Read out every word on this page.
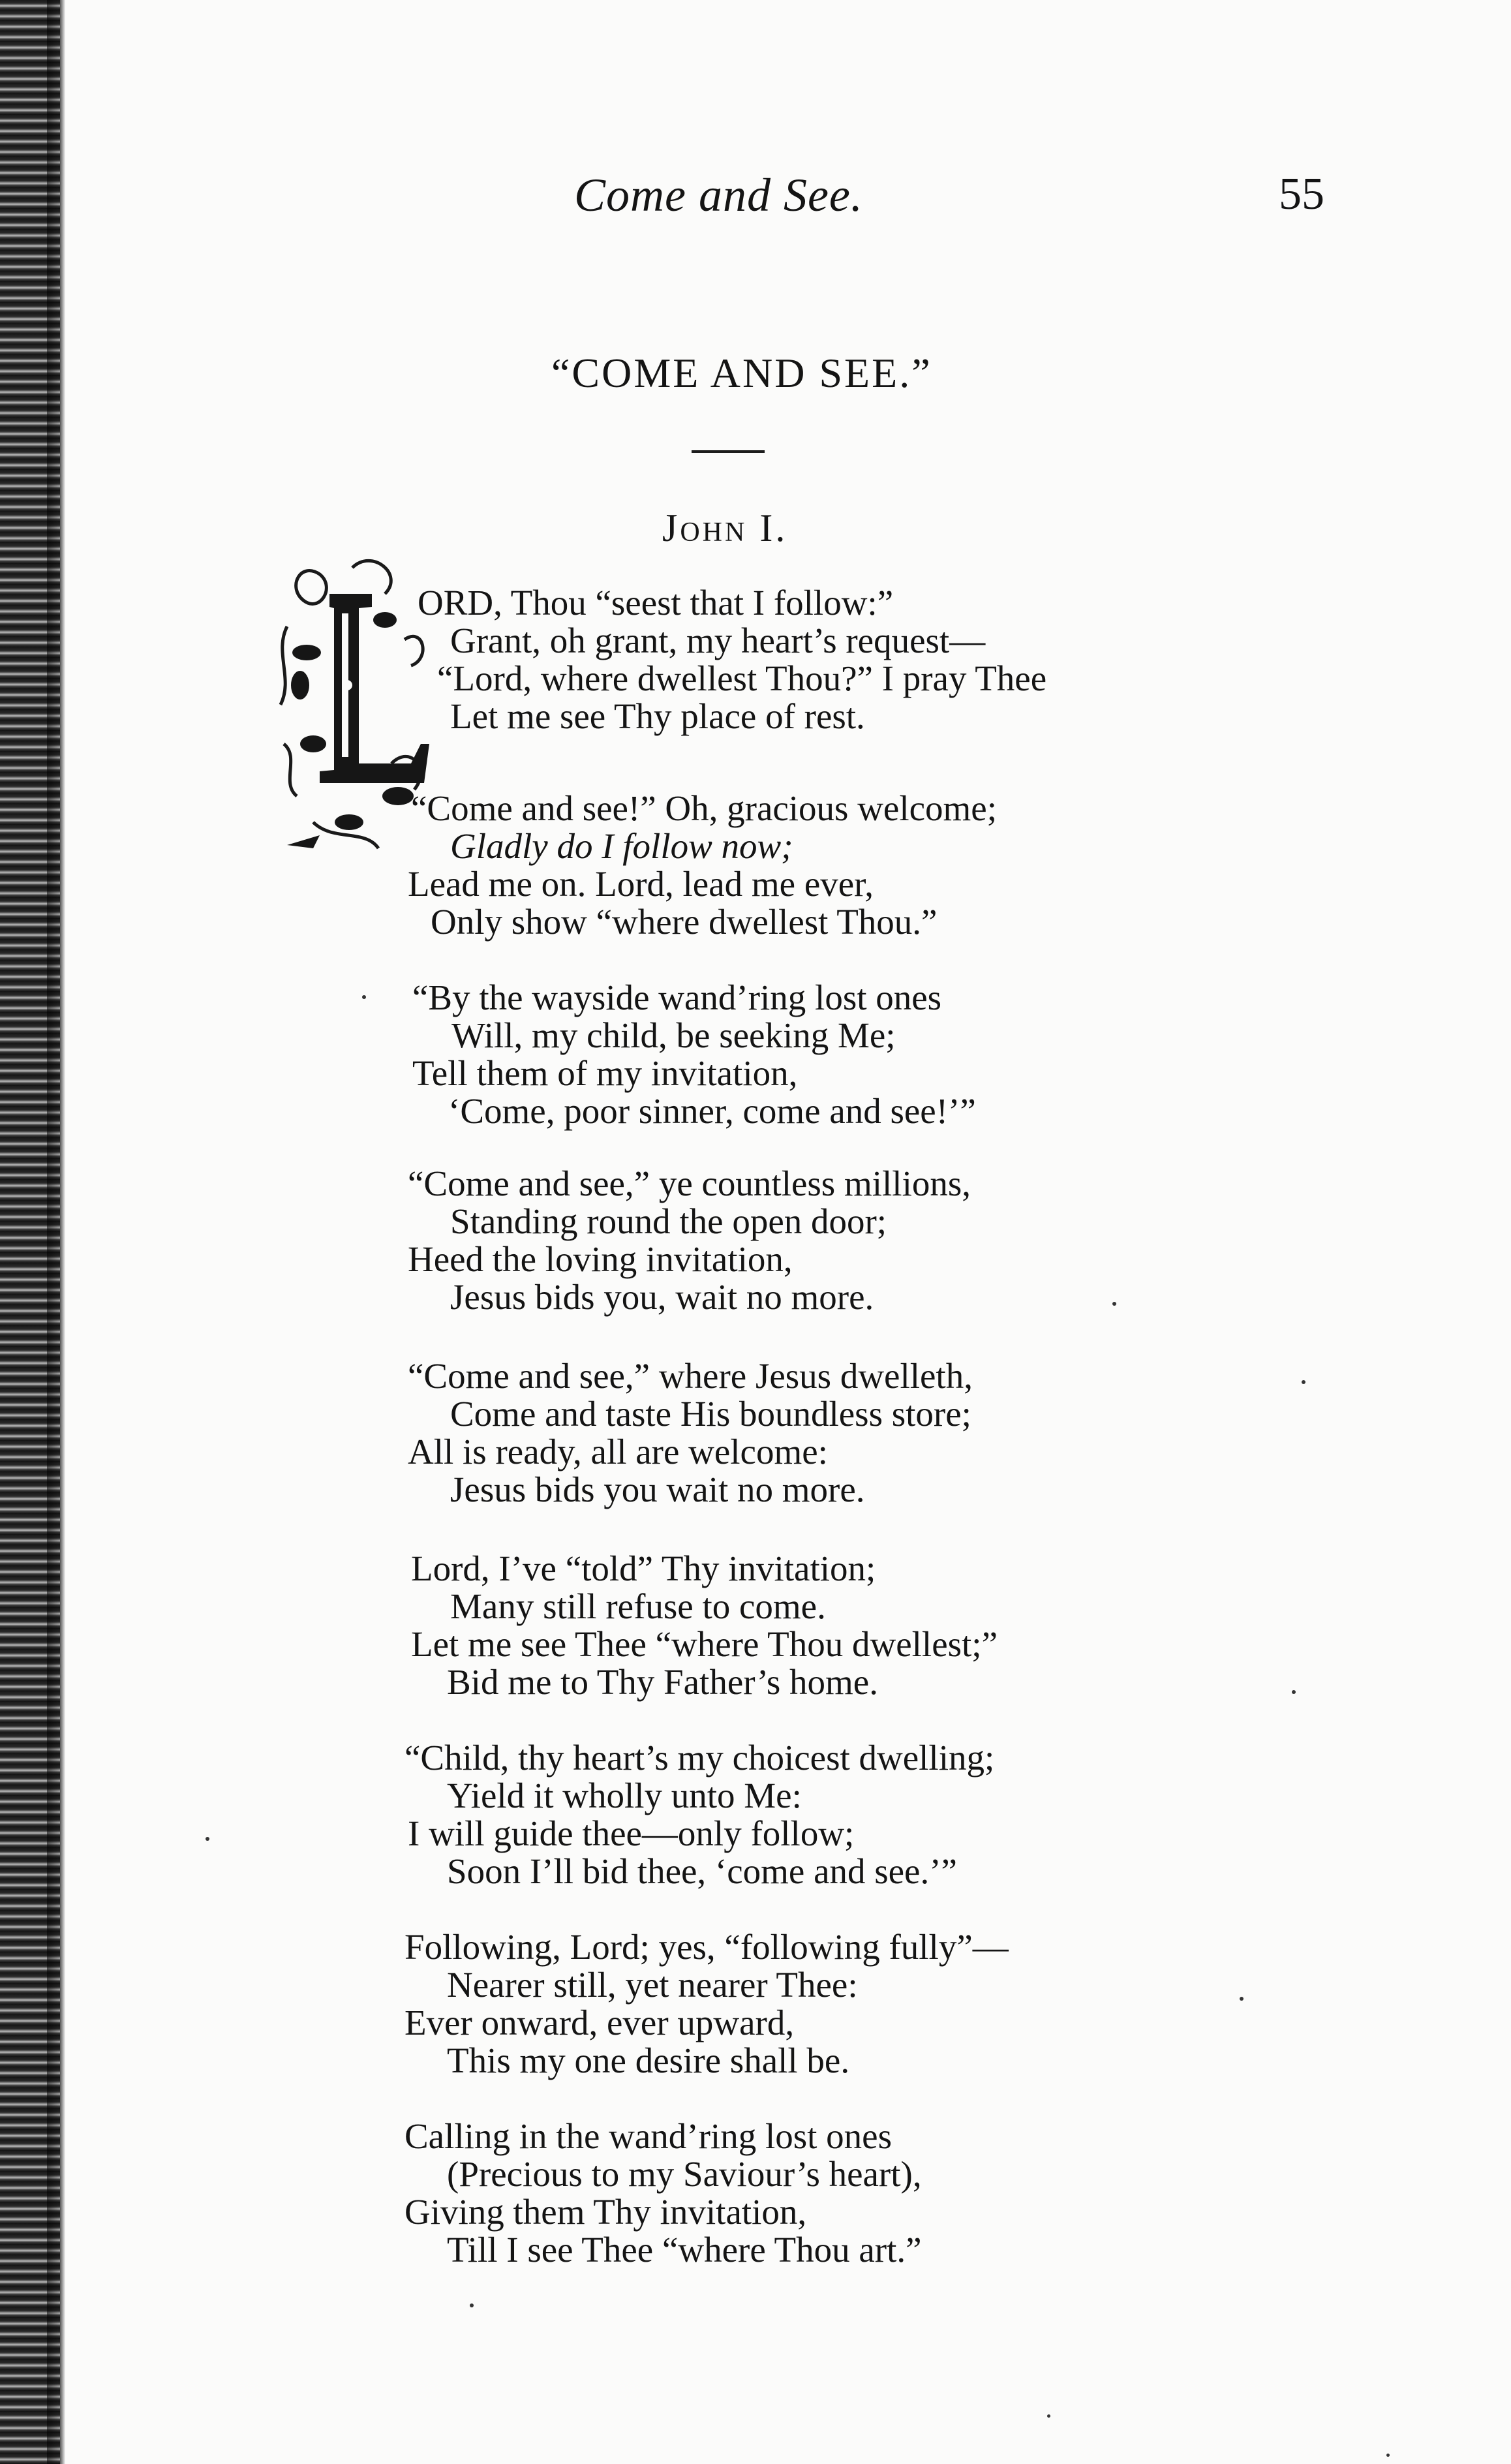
Come and See.	55
“COME AND SEE.”
John I.
ORD, Thou “seest that I follow:”
Grant, oh grant, my heart’s request—
“Lord, where dwellest Thou?” I pray Thee
Let me see Thy place of rest.
“Come and see!” Oh, gracious welcome;
Gladly do I follow now;
Lead me on. Lord, lead me ever,
Only show “where dwellest Thou.”
“By the wayside wand’ring lost ones
Will, my child, be seeking Me;
Tell them of my invitation,
‘Come, poor sinner, come and see!’”
“Come and see,” ye countless millions,
Standing round the open door;
Heed the loving invitation,
Jesus bids you, wait no more.
“Come and see,” where Jesus dwelleth,
Come and taste His boundless store;
All is ready, all are welcome:
Jesus bids you wait no more.
Lord, I’ve “told” Thy invitation;
Many still refuse to come.
Let me see Thee “where Thou dwellest;”
Bid me to Thy Father’s home.
“Child, thy heart’s my choicest dwelling;
Yield it wholly unto Me:
I will guide thee—only follow;
Soon I’ll bid thee, ‘come and see.’”
Following, Lord; yes, “following fully”—
Nearer still, yet nearer Thee:
Ever onward, ever upward,
This my one desire shall be.
Calling in the wand’ring lost ones
(Precious to my Saviour’s heart),
Giving them Thy invitation,
Till I see Thee “where Thou art.”
